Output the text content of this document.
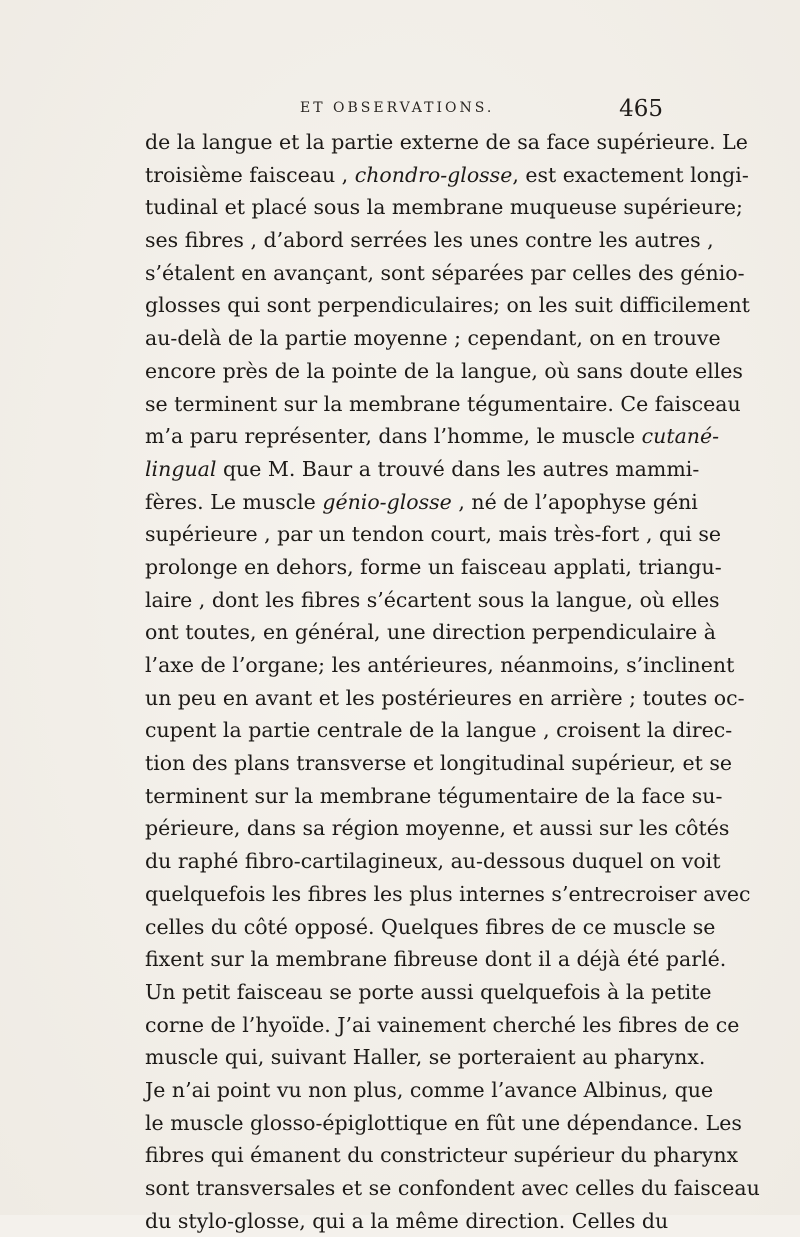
ET OBSERVATIONS.	465
de la langue et la partie externe de sa face supérieure. Le
troisième faisceau , chondro-glosse, est exactement longi-
tudinal et placé sous la membrane muqueuse supérieure;
ses fibres , d’abord serrées les unes contre les autres ,
s’étalent en avançant, sont séparées par celles des génio-
glosses qui sont perpendiculaires; on les suit difficilement
au-delà de la partie moyenne ; cependant, on en trouve
encore près de la pointe de la langue, où sans doute elles
se terminent sur la membrane tégumentaire. Ce faisceau
m’a paru représenter, dans l’homme, le muscle cutané-
lingual que M. Baur a trouvé dans les autres mammi-
fères. Le muscle génio-glosse , né de l’apophyse géni
supérieure , par un tendon court, mais très-fort , qui se
prolonge en dehors, forme un faisceau applati, triangu-
laire , dont les fibres s’écartent sous la langue, où elles
ont toutes, en général, une direction perpendiculaire à
l’axe de l’organe; les antérieures, néanmoins, s’inclinent
un peu en avant et les postérieures en arrière ; toutes oc-
cupent la partie centrale de la langue , croisent la direc-
tion des plans transverse et longitudinal supérieur, et se
terminent sur la membrane tégumentaire de la face su-
périeure, dans sa région moyenne, et aussi sur les côtés
du raphé fibro-cartilagineux, au-dessous duquel on voit
quelquefois les fibres les plus internes s’entrecroiser avec
celles du côté opposé. Quelques fibres de ce muscle se
fixent sur la membrane fibreuse dont il a déjà été parlé.
Un petit faisceau se porte aussi quelquefois à la petite
corne de l’hyoïde. J’ai vainement cherché les fibres de ce
muscle qui, suivant Haller, se porteraient au pharynx.
Je n’ai point vu non plus, comme l’avance Albinus, que
le muscle glosso-épiglottique en fût une dépendance. Les
fibres qui émanent du constricteur supérieur du pharynx
sont transversales et se confondent avec celles du faisceau
du stylo-glosse, qui a la même direction. Celles du
